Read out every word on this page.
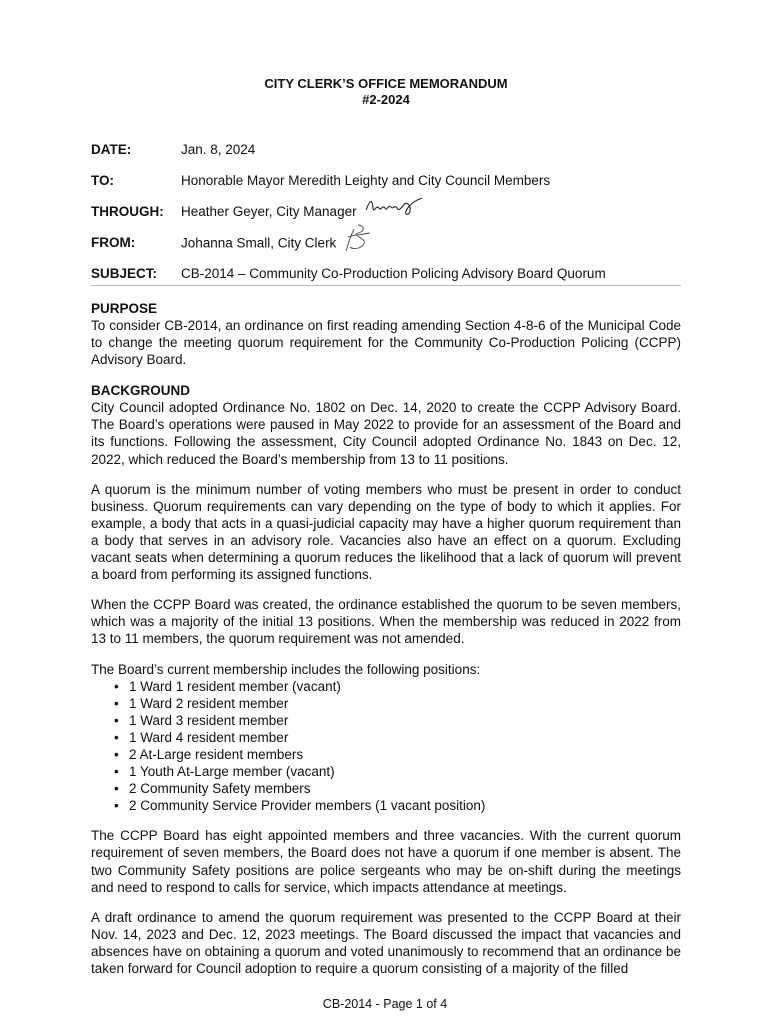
CITY CLERK’S OFFICE MEMORANDUM
#2-2024
DATE:	Jan. 8, 2024
TO:	Honorable Mayor Meredith Leighty and City Council Members
THROUGH: Heather Geyer, City Manager
FROM:	Johanna Small, City Clerk
SUBJECT: CB-2014 – Community Co-Production Policing Advisory Board Quorum
PURPOSE

To consider CB-2014, an ordinance on first reading amending Section 4-8-6 of the Municipal Code to change the meeting quorum requirement for the Community Co-Production Policing (CCPP) Advisory Board.

BACKGROUND

City Council adopted Ordinance No. 1802 on Dec. 14, 2020 to create the CCPP Advisory Board. The Board’s operations were paused in May 2022 to provide for an assessment of the Board and its functions. Following the assessment, City Council adopted Ordinance No. 1843 on Dec. 12, 2022, which reduced the Board’s membership from 13 to 11 positions.

A quorum is the minimum number of voting members who must be present in order to conduct business. Quorum requirements can vary depending on the type of body to which it applies. For example, a body that acts in a quasi-judicial capacity may have a higher quorum requirement than a body that serves in an advisory role. Vacancies also have an effect on a quorum. Excluding vacant seats when determining a quorum reduces the likelihood that a lack of quorum will prevent a board from performing its assigned functions.

When the CCPP Board was created, the ordinance established the quorum to be seven members, which was a majority of the initial 13 positions. When the membership was reduced in 2022 from 13 to 11 members, the quorum requirement was not amended.

The Board’s current membership includes the following positions:

• 1 Ward 1 resident member (vacant)
• 1 Ward 2 resident member
• 1 Ward 3 resident member
• 1 Ward 4 resident member
• 2 At-Large resident members
• 1 Youth At-Large member (vacant)
• 2 Community Safety members
• 2 Community Service Provider members (1 vacant position)

The CCPP Board has eight appointed members and three vacancies. With the current quorum requirement of seven members, the Board does not have a quorum if one member is absent. The two Community Safety positions are police sergeants who may be on-shift during the meetings and need to respond to calls for service, which impacts attendance at meetings.

A draft ordinance to amend the quorum requirement was presented to the CCPP Board at their Nov. 14, 2023 and Dec. 12, 2023 meetings. The Board discussed the impact that vacancies and absences have on obtaining a quorum and voted unanimously to recommend that an ordinance be taken forward for Council adoption to require a quorum consisting of a majority of the filled

CB-2014 - Page 1 of 4
